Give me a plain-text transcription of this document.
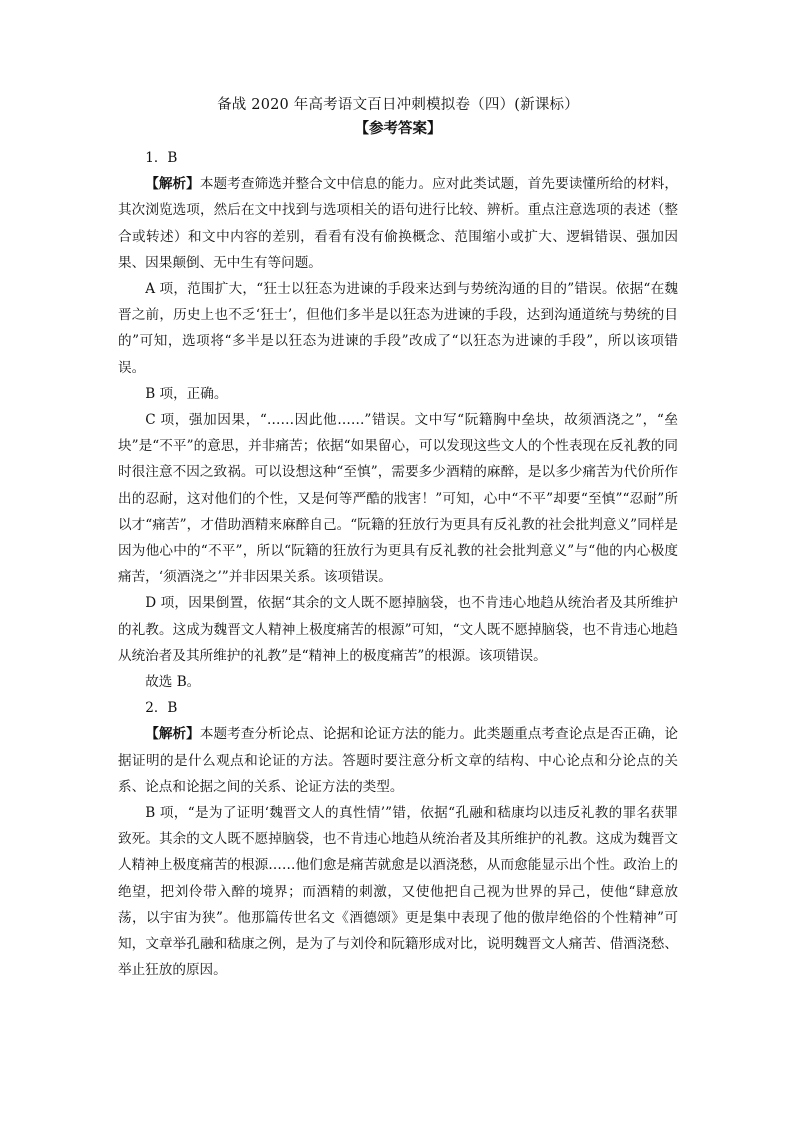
备战 2020 年高考语文百日冲刺模拟卷（四）(新课标）
【参考答案】

1．B

【解析】本题考查筛选并整合文中信息的能力。应对此类试题，首先要读懂所给的材料，其次浏览选项，然后在文中找到与选项相关的语句进行比较、辨析。重点注意选项的表述（整合或转述）和文中内容的差别，看看有没有偷换概念、范围缩小或扩大、逻辑错误、强加因果、因果颠倒、无中生有等问题。

A 项，范围扩大，“狂士以狂态为进谏的手段来达到与势统沟通的目的”错误。依据“在魏晋之前，历史上也不乏‘狂士’，但他们多半是以狂态为进谏的手段，达到沟通道统与势统的目的”可知，选项将“多半是以狂态为进谏的手段”改成了“以狂态为进谏的手段”，所以该项错误。

B 项，正确。

C 项，强加因果，“……因此他……”错误。文中写“阮籍胸中垒块，故须酒浇之”，“垒块”是“不平”的意思，并非痛苦；依据“如果留心，可以发现这些文人的个性表现在反礼教的同时很注意不因之致祸。可以设想这种“至慎”，需要多少酒精的麻醉，是以多少痛苦为代价所作出的忍耐，这对他们的个性，又是何等严酷的戕害！”可知，心中“不平”却要“至慎”“忍耐”所以才“痛苦”，才借助酒精来麻醉自己。“阮籍的狂放行为更具有反礼教的社会批判意义”同样是因为他心中的“不平”，所以“阮籍的狂放行为更具有反礼教的社会批判意义”与“他的内心极度痛苦，‘须酒浇之’”并非因果关系。该项错误。

D 项，因果倒置，依据“其余的文人既不愿掉脑袋，也不肯违心地趋从统治者及其所维护的礼教。这成为魏晋文人精神上极度痛苦的根源”可知，“文人既不愿掉脑袋，也不肯违心地趋从统治者及其所维护的礼教”是“精神上的极度痛苦”的根源。该项错误。

故选 B。

2．B

【解析】本题考查分析论点、论据和论证方法的能力。此类题重点考查论点是否正确，论据证明的是什么观点和论证的方法。答题时要注意分析文章的结构、中心论点和分论点的关系、论点和论据之间的关系、论证方法的类型。

B 项，“是为了证明‘魏晋文人的真性情’”错，依据“孔融和嵇康均以违反礼教的罪名获罪致死。其余的文人既不愿掉脑袋，也不肯违心地趋从统治者及其所维护的礼教。这成为魏晋文人精神上极度痛苦的根源……他们愈是痛苦就愈是以酒浇愁，从而愈能显示出个性。政治上的绝望，把刘伶带入醉的境界；而酒精的刺激，又使他把自己视为世界的异己，使他“肆意放荡，以宇宙为狭”。他那篇传世名文《酒德颂》更是集中表现了他的傲岸绝俗的个性精神”可知，文章举孔融和嵇康之例，是为了与刘伶和阮籍形成对比，说明魏晋文人痛苦、借酒浇愁、举止狂放的原因。
